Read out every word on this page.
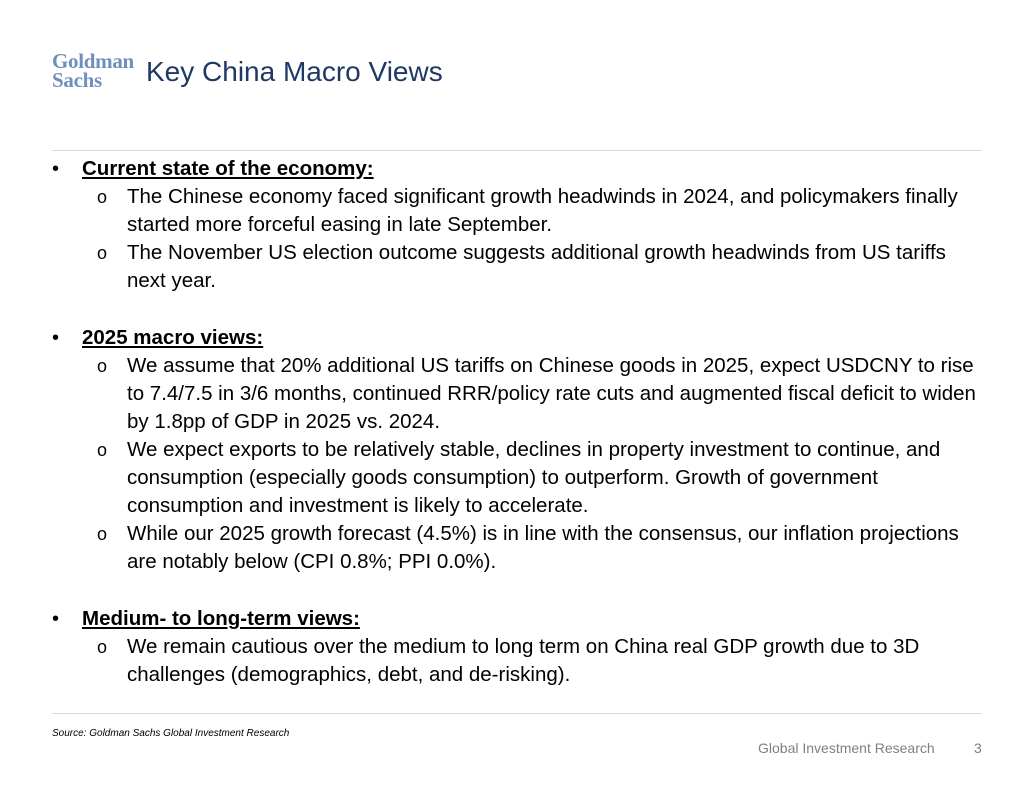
Goldman
Sachs	Key China Macro Views
• Current state of the economy:
o The Chinese economy faced significant growth headwinds in 2024, and policymakers finally started more forceful easing in late September.
o The November US election outcome suggests additional growth headwinds from US tariffs next year.
• 2025 macro views:
o We assume that 20% additional US tariffs on Chinese goods in 2025, expect USDCNY to rise to 7.4/7.5 in 3/6 months, continued RRR/policy rate cuts and augmented fiscal deficit to widen by 1.8pp of GDP in 2025 vs. 2024.
o We expect exports to be relatively stable, declines in property investment to continue, and consumption (especially goods consumption) to outperform. Growth of government consumption and investment is likely to accelerate.
o While our 2025 growth forecast (4.5%) is in line with the consensus, our inflation projections are notably below (CPI 0.8%; PPI 0.0%).
• Medium- to long-term views:
o We remain cautious over the medium to long term on China real GDP growth due to 3D challenges (demographics, debt, and de-risking).
Source: Goldman Sachs Global Investment Research
Global Investment Research	3
